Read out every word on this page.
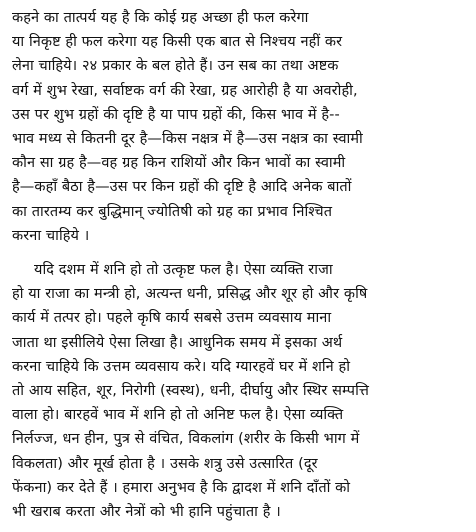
कहने का तात्पर्य यह है कि कोई ग्रह अच्छा ही फल करेगा
या निकृष्ट ही फल करेगा यह किसी एक बात से निश्चय नहीं कर
लेना चाहिये। २४ प्रकार के बल होते हैं। उन सब का तथा अष्टक
वर्ग में शुभ रेखा, सर्वाष्टक वर्ग की रेखा, ग्रह आरोही है या अवरोही,
उस पर शुभ ग्रहों की दृष्टि है या पाप ग्रहों की, किस भाव में है--
भाव मध्य से कितनी दूर है—किस नक्षत्र में है—उस नक्षत्र का स्वामी
कौन सा ग्रह है—वह ग्रह किन राशियों और किन भावों का स्वामी
है—कहाँ बैठा है—उस पर किन ग्रहों की दृष्टि है आदि अनेक बातों
का तारतम्य कर बुद्धिमान् ज्योतिषी को ग्रह का प्रभाव निश्चित
करना चाहिये ।
यदि दशम में शनि हो तो उत्कृष्ट फल है। ऐसा व्यक्ति राजा
हो या राजा का मन्त्री हो, अत्यन्त धनी, प्रसिद्ध और शूर हो और कृषि
कार्य में तत्पर हो। पहले कृषि कार्य सबसे उत्तम व्यवसाय माना
जाता था इसीलिये ऐसा लिखा है। आधुनिक समय में इसका अर्थ
करना चाहिये कि उत्तम व्यवसाय करे। यदि ग्यारहवें घर में शनि हो
तो आय सहित, शूर, निरोगी (स्वस्थ), धनी, दीर्घायु और स्थिर सम्पत्ति
वाला हो। बारहवें भाव में शनि हो तो अनिष्ट फल है। ऐसा व्यक्ति
निर्लज्ज, धन हीन, पुत्र से वंचित, विकलांग (शरीर के किसी भाग में
विकलता) और मूर्ख होता है । उसके शत्रु उसे उत्सारित (दूर
फेंकना) कर देते हैं । हमारा अनुभव है कि द्वादश में शनि दाँतों को
भी खराब करता और नेत्रों को भी हानि पहुंचाता है ।
